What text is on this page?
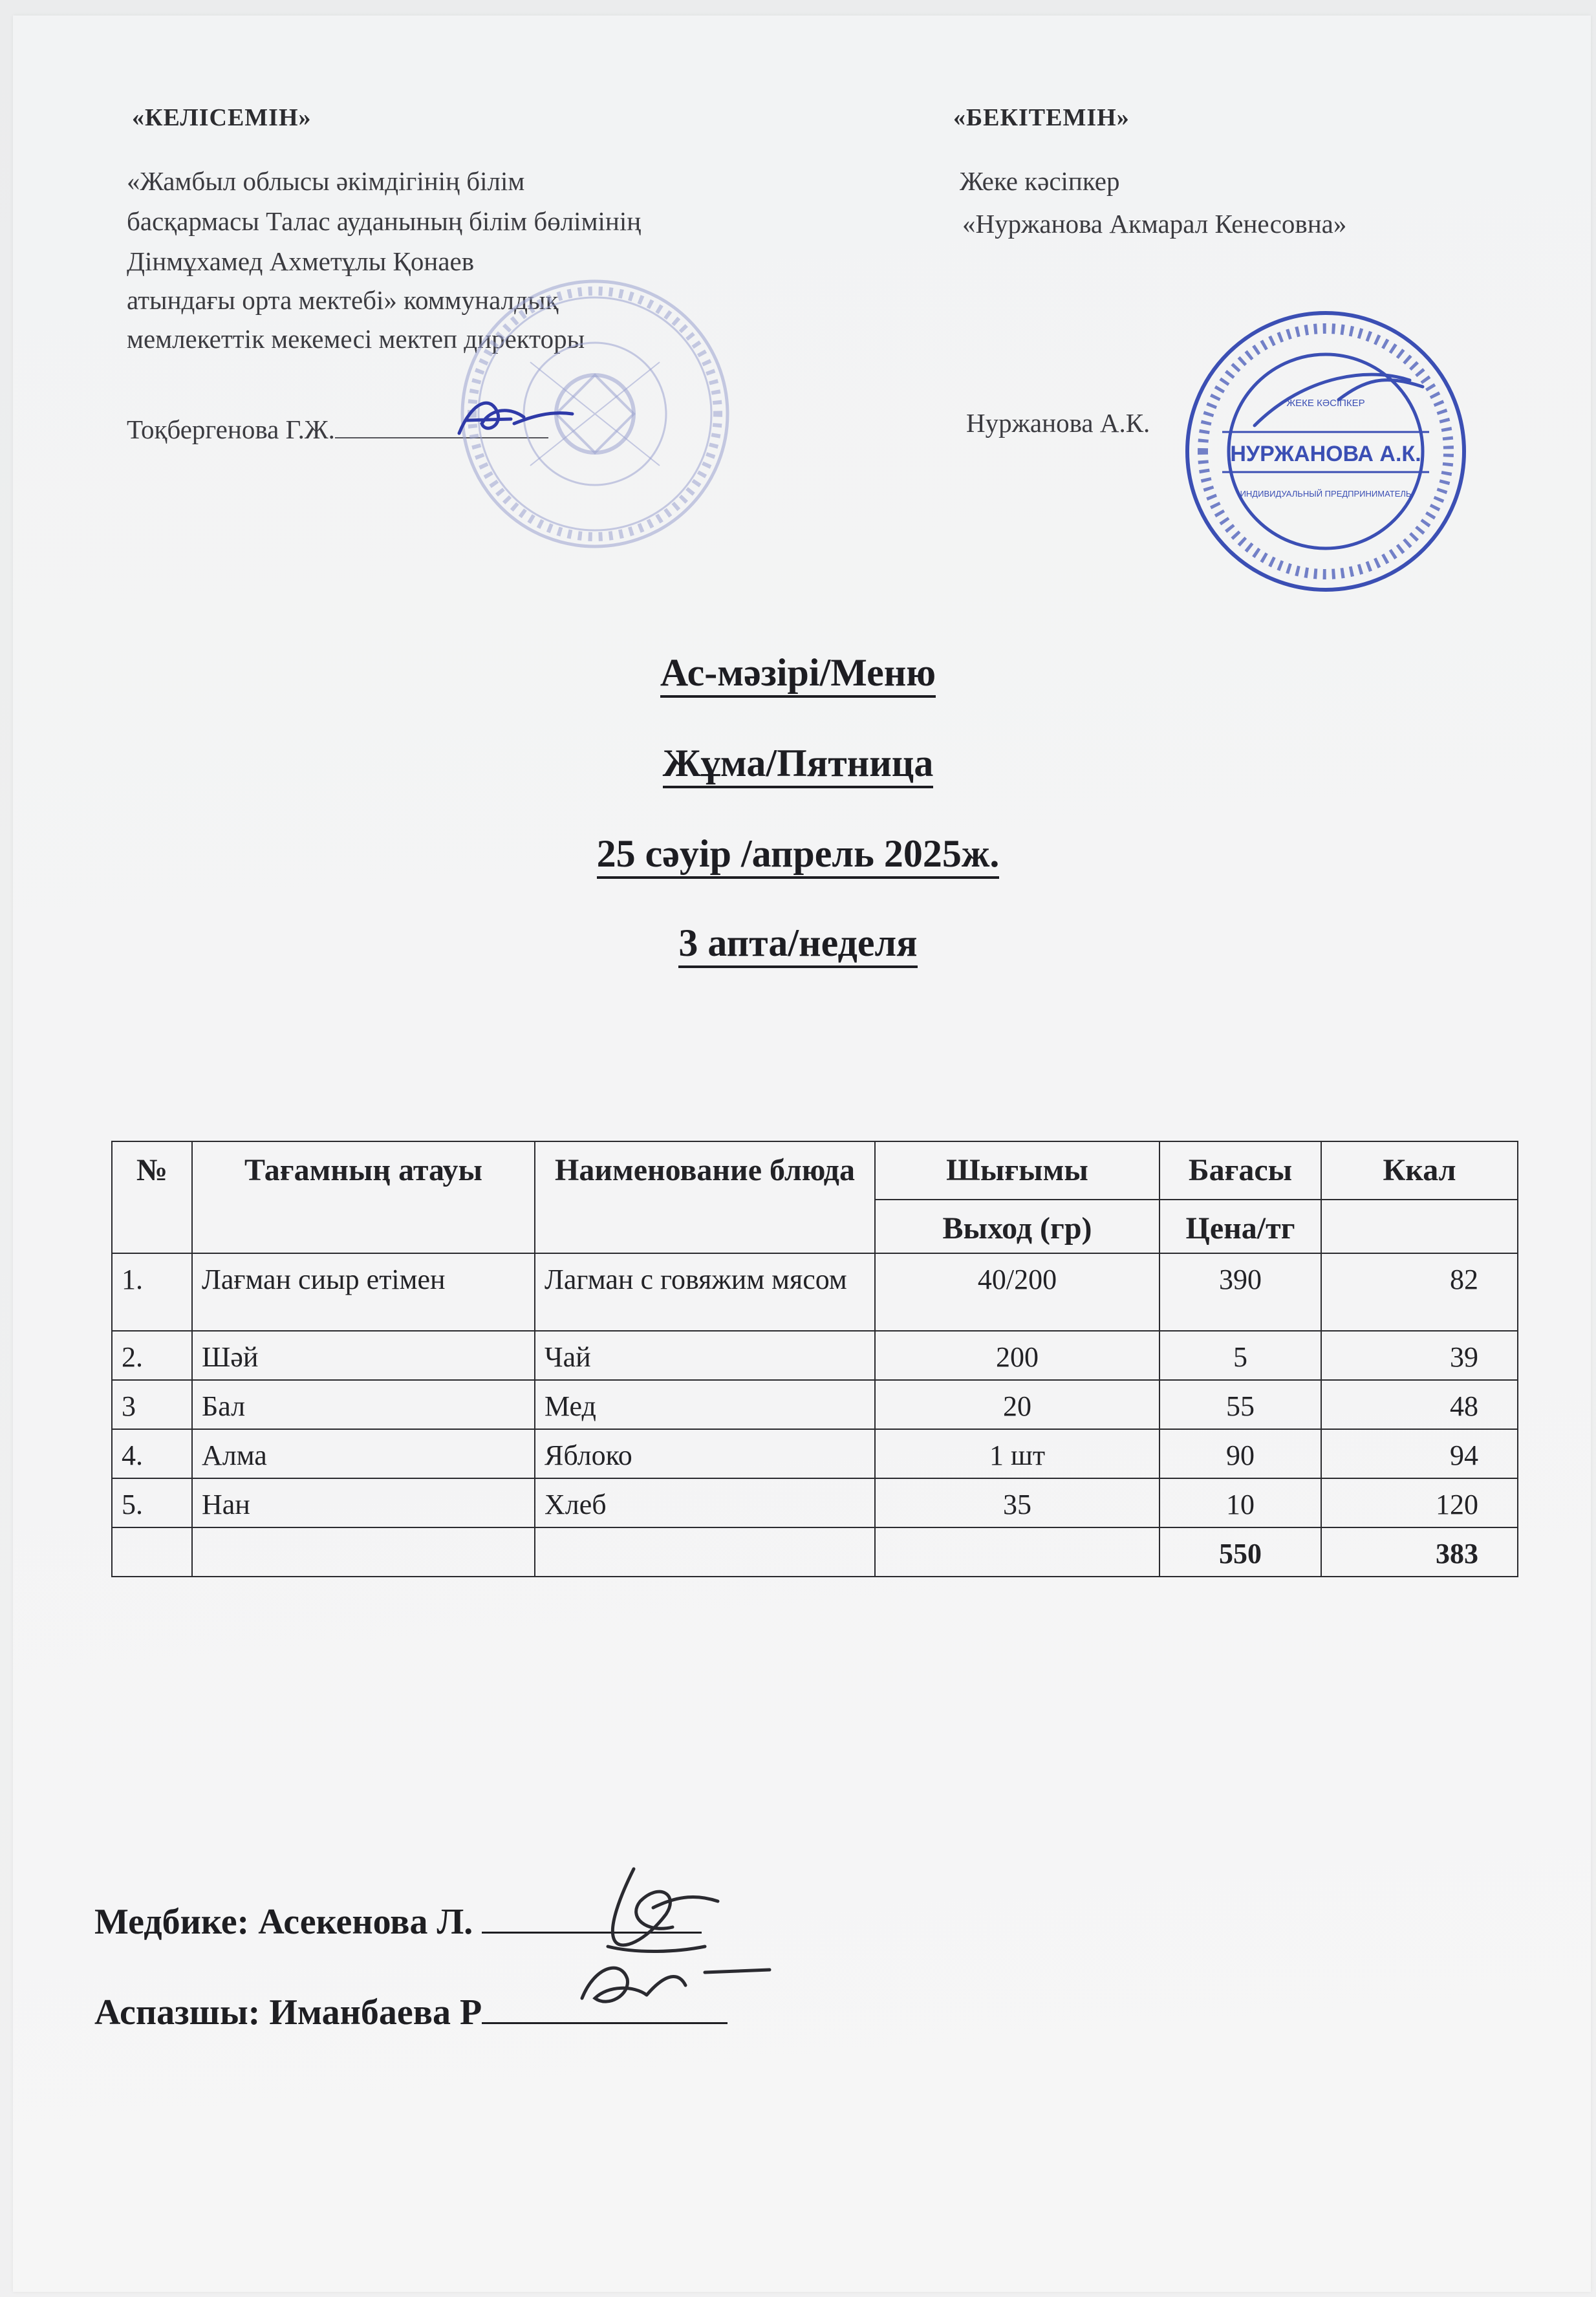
«КЕЛІСЕМІН»
«Жамбыл облысы әкімдігінің білім
басқармасы Талас ауданының білім бөлімінің
Дінмұхамед Ахметұлы Қонаев
атындағы орта мектебі» коммуналдық
мемлекеттік мекемесі мектеп директоры
Тоқбергенова Г.Ж.
«БЕКІТЕМІН»
Жеке кәсіпкер
«Нуржанова Акмарал Кенесовна»
Нуржанова А.К.
ЖЕКЕ КӘСІПКЕР
НУРЖАНОВА А.К.
ИНДИВИДУАЛЬНЫЙ ПРЕДПРИНИМАТЕЛЬ
Ас-мәзірі/Меню
Жұма/Пятница
25 сәуір /апрель 2025ж.
3 апта/неделя
№	Тағамның атауы	Наименование блюда	Шығымы	Бағасы	Ккал
			Выход (гр)	Цена/тг	
1.	Лағман сиыр етімен	Лагман с говяжим мясом	40/200	390	82
2.	Шәй	Чай	200	5	39
3	Бал	Мед	20	55	48
4.	Алма	Яблоко	1 шт	90	94
5.	Нан	Хлеб	35	10	120
				550	383
Медбике: Асекенова Л.
Аспазшы: Иманбаева Р
